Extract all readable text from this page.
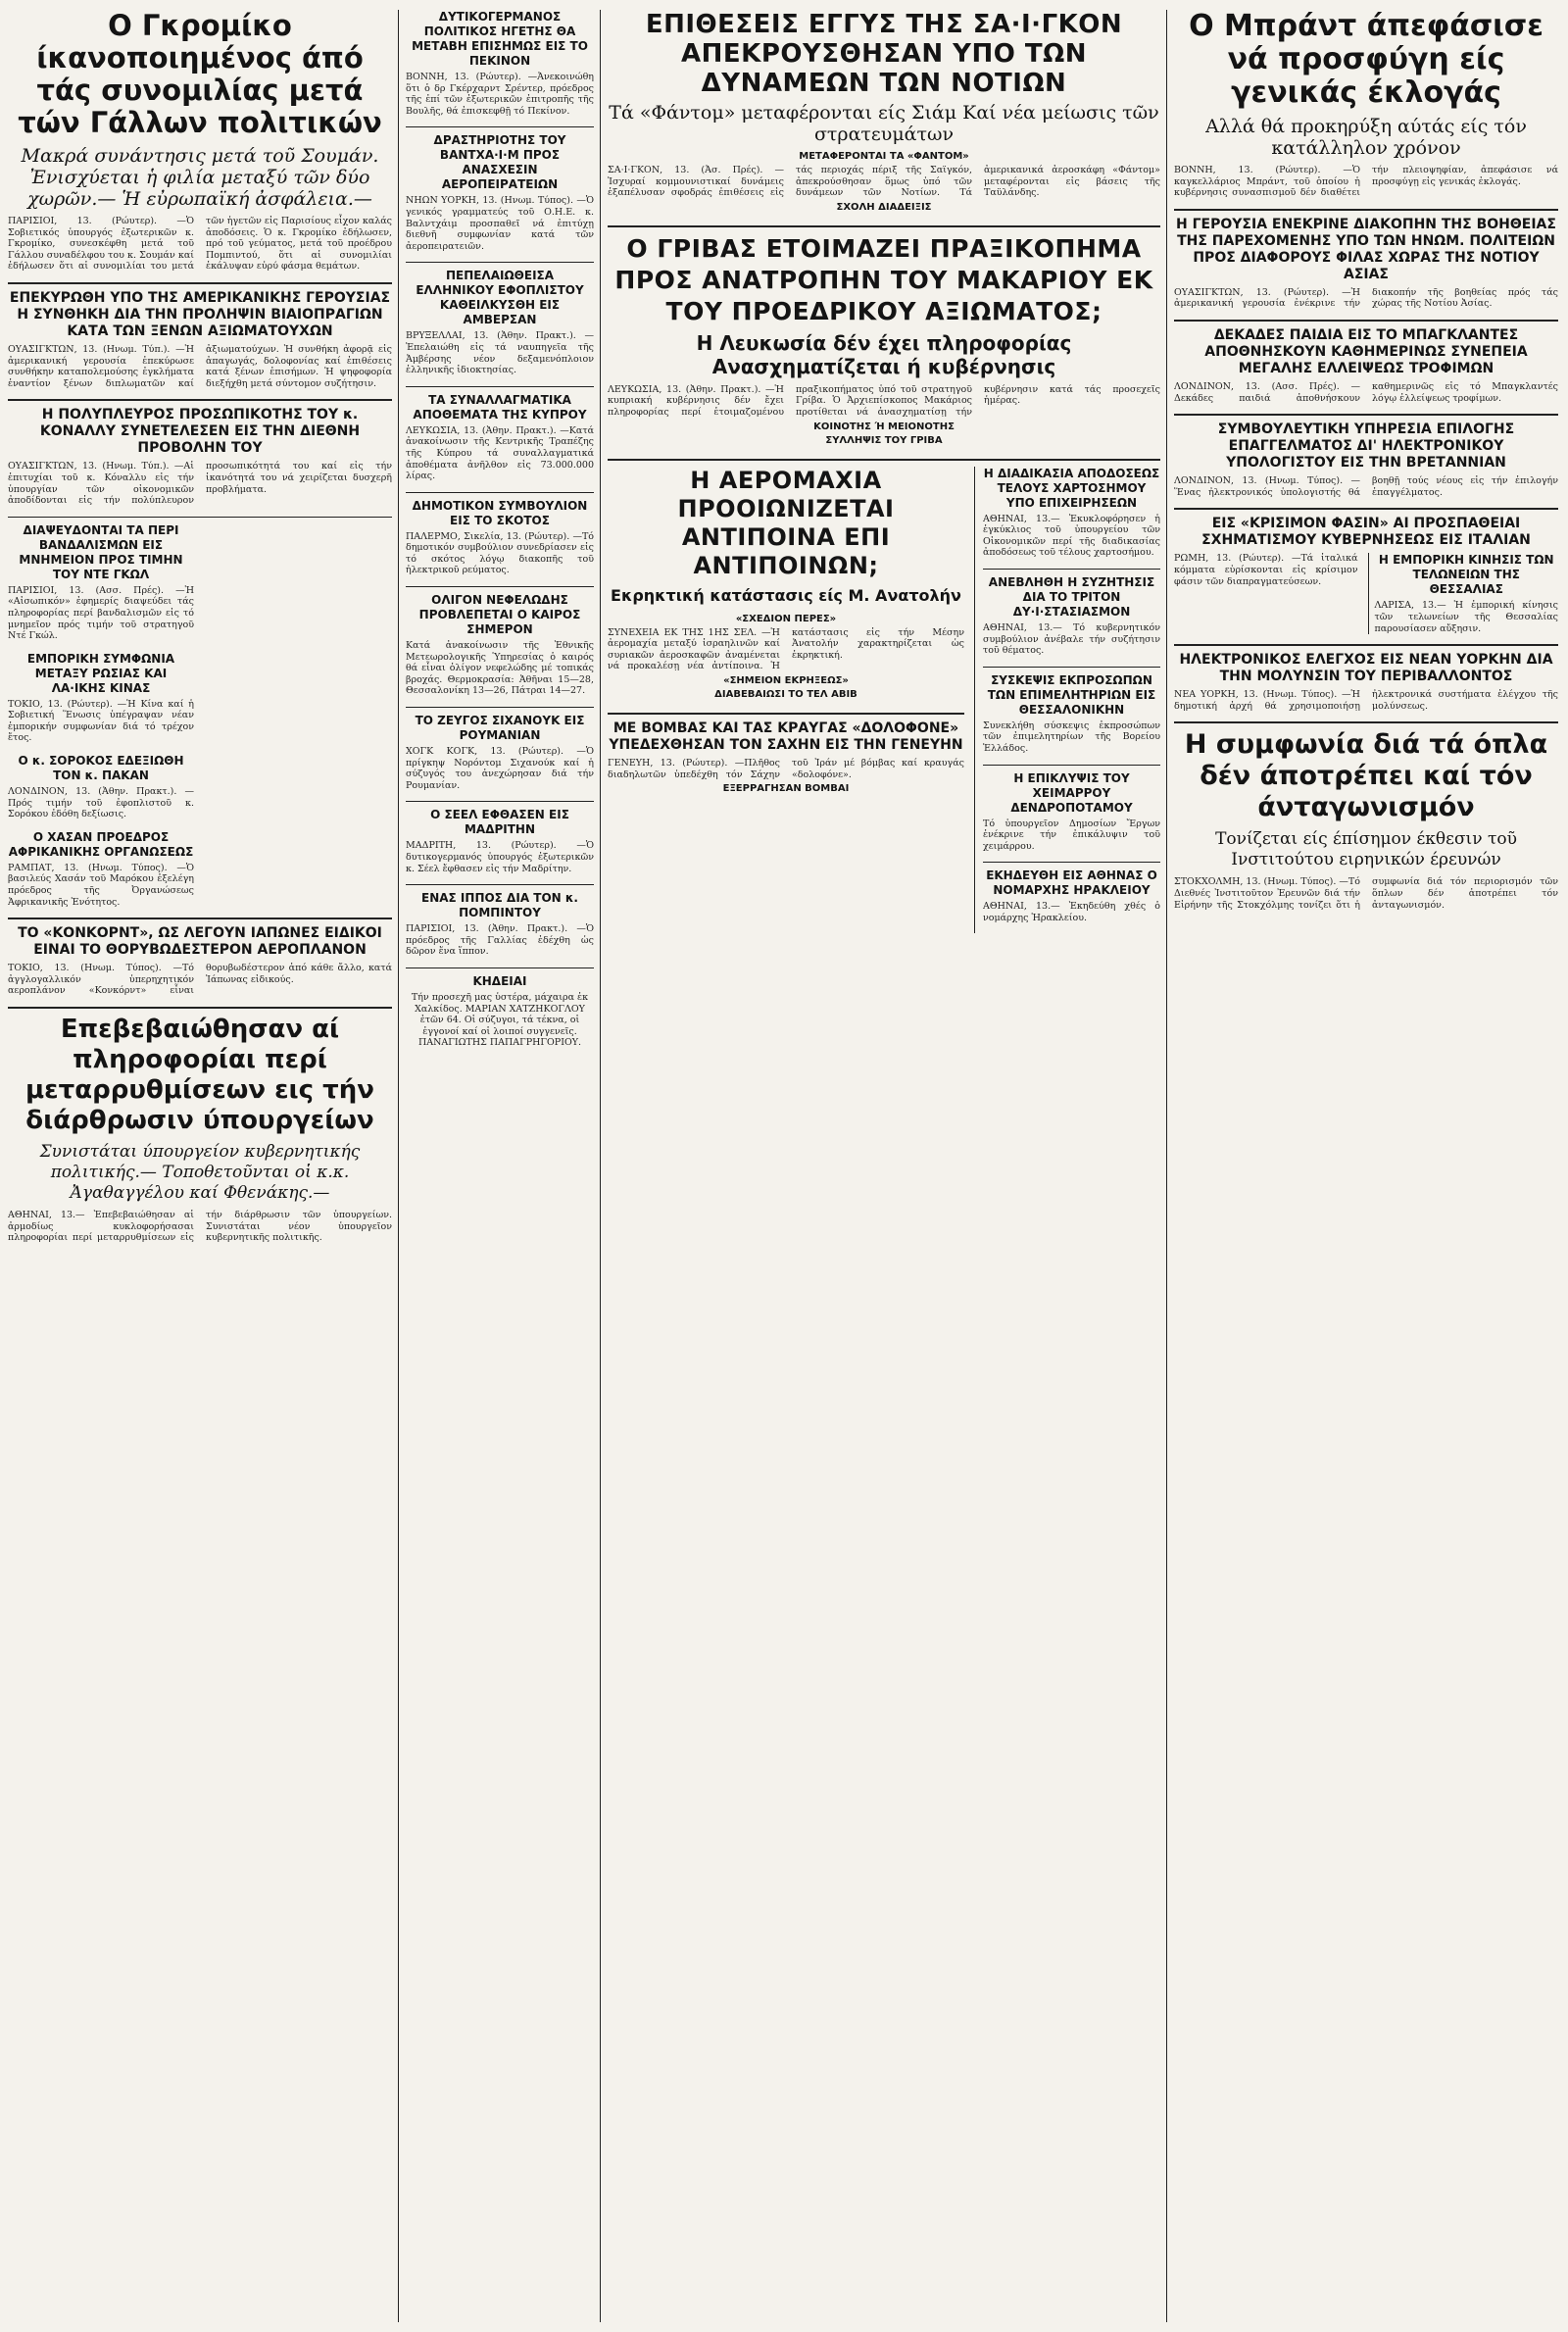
Ο Γκρομίκο ίκανοποιημένος άπό τάς συνομιλίας μετά τών Γάλλων πολιτικών
Μακρά συνάντησις μετά τοῦ Σουμάν. Ἐνισχύεται ἡ φιλία μεταξύ τῶν δύο χωρῶν.— Ἡ εὐρωπαϊκή ἀσφάλεια.—

ΠΑΡΙΣΙΟΙ, 13. (Ρώυτερ). —Ὁ Σοβιετικός ὑπουργός ἐξωτερικῶν κ. Γκρομίκο, συνεσκέφθη μετά τοῦ Γάλλου συναδέλφου του κ. Σουμάν καί ἐδήλωσεν ὅτι αἱ συνομιλίαι του μετά τῶν ἡγετῶν εἰς Παρισίους εἶχον καλάς ἀποδόσεις. Ὁ κ. Γκρομίκο ἐδήλωσεν, πρό τοῦ γεύματος, μετά τοῦ προέδρου Πομπιντού, ὅτι αἱ συνομιλίαι ἐκάλυψαν εὐρύ φάσμα θεμάτων.

ΕΠΕΚΥΡΩΘΗ ΥΠΟ ΤΗΣ ΑΜΕΡΙΚΑΝΙΚΗΣ ΓΕΡΟΥΣΙΑΣ Η ΣΥΝΘΗΚΗ ΔΙΑ ΤΗΝ ΠΡΟΛΗΨΙΝ ΒΙΑΙΟΠΡΑΓΙΩΝ ΚΑΤΑ ΤΩΝ ΞΕΝΩΝ ΑΞΙΩΜΑΤΟΥΧΩΝ

ΟΥΑΣΙΓΚΤΩΝ, 13. (Ηνωμ. Τύπ.). —Ἡ ἀμερικανική γερουσία ἐπεκύρωσε συνθήκην καταπολεμούσης ἐγκλήματα ἐναντίον ξένων διπλωματῶν καί ἀξιωματούχων. Ἡ συνθήκη ἀφορᾷ εἰς ἀπαγωγάς, δολοφονίας καί ἐπιθέσεις κατά ξένων ἐπισήμων. Ἡ ψηφοφορία διεξήχθη μετά σύντομον συζήτησιν.

Η ΠΟΛΥΠΛΕΥΡΟΣ ΠΡΟΣΩΠΙΚΟΤΗΣ ΤΟΥ κ. ΚΟΝΑΛΛΥ ΣΥΝΕΤΕΛΕΣΕΝ ΕΙΣ ΤΗΝ ΔΙΕΘΝΗ ΠΡΟΒΟΛΗΝ ΤΟΥ

ΟΥΑΣΙΓΚΤΩΝ, 13. (Ηνωμ. Τύπ.). —Αἱ ἐπιτυχίαι τοῦ κ. Κόναλλυ εἰς τήν ὑπουργίαν τῶν οἰκονομικῶν ἀποδίδονται εἰς τήν πολύπλευρον προσωπικότητά του καί εἰς τήν ἱκανότητά του νά χειρίζεται δυσχερῆ προβλήματα.

ΔΙΑΨΕΥΔΟΝΤΑΙ ΤΑ ΠΕΡΙ ΒΑΝΔΑΛΙΣΜΩΝ ΕΙΣ ΜΝΗΜΕΙΟΝ ΠΡΟΣ ΤΙΜΗΝ ΤΟΥ ΝΤΕ ΓΚΩΛ

ΠΑΡΙΣΙΟΙ, 13. (Ασσ. Πρές). —Ἡ «Αἰσωπικόν» ἐφημερίς διαψεύδει τάς πληροφορίας περί βανδαλισμῶν εἰς τό μνημεῖον πρός τιμήν τοῦ στρατηγοῦ Ντέ Γκώλ.

ΕΜΠΟΡΙΚΗ ΣΥΜΦΩΝΙΑ ΜΕΤΑΞΥ ΡΩΣΙΑΣ ΚΑΙ ΛΑ·ΙΚΗΣ ΚΙΝΑΣ

ΤΟΚΙΟ, 13. (Ρώυτερ). —Ἡ Κίνα καί ἡ Σοβιετική Ἕνωσις ὑπέγραψαν νέαν ἐμπορικήν συμφωνίαν διά τό τρέχον ἔτος.

Ο κ. ΣΟΡΟΚΟΣ ΕΔΕΞΙΩΘΗ ΤΟΝ κ. ΠΑΚΑΝ

ΛΟΝΔΙΝΟΝ, 13. (Ἀθην. Πρακτ.). —Πρός τιμήν τοῦ ἐφοπλιστοῦ κ. Σορόκου ἐδόθη δεξίωσις.

Ο ΧΑΣΑΝ ΠΡΟΕΔΡΟΣ ΑΦΡΙΚΑΝΙΚΗΣ ΟΡΓΑΝΩΣΕΩΣ

ΡΑΜΠΑΤ, 13. (Ηνωμ. Τύπος). —Ὁ βασιλεύς Χασάν τοῦ Μαρόκου ἐξελέγη πρόεδρος τῆς Ὀργανώσεως Ἀφρικανικῆς Ἑνότητος.

ΤΟ «ΚΟΝΚΟΡΝΤ», ΩΣ ΛΕΓΟΥΝ ΙΑΠΩΝΕΣ ΕΙΔΙΚΟΙ ΕΙΝΑΙ ΤΟ ΘΟΡΥΒΩΔΕΣΤΕΡΟΝ ΑΕΡΟΠΛΑΝΟΝ

ΤΟΚΙΟ, 13. (Ηνωμ. Τύπος). —Τό ἀγγλογαλλικόν ὑπερηχητικόν αεροπλάνον «Κονκόρντ» εἶναι θορυβωδέστερον ἀπό κάθε ἄλλο, κατά Ἰάπωνας εἰδικούς.

Επεβεβαιώθησαν αί πληροφορίαι περί μεταρρυθμίσεων εις τήν διάρθρωσιν ύπουργείων
Συνιστάται ύπουργείον κυβερνητικής πολιτικής.— Τοποθετοῦνται οἱ κ.κ. Ἀγαθαγγέλου καί Φθενάκης.—

ΑΘΗΝΑΙ, 13.— Ἐπεβεβαιώθησαν αἱ ἀρμοδίως κυκλοφορήσασαι πληροφορίαι περί μεταρρυθμίσεων εἰς τήν διάρθρωσιν τῶν ὑπουργείων. Συνιστάται νέον ὑπουργεῖον κυβερνητικῆς πολιτικῆς.

ΔΥΤΙΚΟΓΕΡΜΑΝΟΣ ΠΟΛΙΤΙΚΟΣ ΗΓΕΤΗΣ ΘΑ ΜΕΤΑΒΗ ΕΠΙΣΗΜΩΣ ΕΙΣ ΤΟ ΠΕΚΙΝΟΝ

ΒΟΝΝΗ, 13. (Ρώυτερ). —Ἀνεκοινώθη ὅτι ὁ δρ Γκέρχαρντ Σρέντερ, πρόεδρος τῆς ἐπί τῶν ἐξωτερικῶν ἐπιτροπῆς τῆς Βουλῆς, θά ἐπισκεφθῇ τό Πεκίνον.

ΔΡΑΣΤΗΡΙΟΤΗΣ ΤΟΥ ΒΑΝΤΧΑ·Ι·Μ ΠΡΟΣ ΑΝΑΣΧΕΣΙΝ ΑΕΡΟΠΕΙΡΑΤΕΙΩΝ

ΝΗΩΝ ΥΟΡΚΗ, 13. (Ηνωμ. Τύπος). —Ὁ γενικός γραμματεύς τοῦ Ο.Η.Ε. κ. Βαλντχάιμ προσπαθεῖ νά ἐπιτύχῃ διεθνῆ συμφωνίαν κατά τῶν ἀεροπειρατειῶν.

ΠΕΠΕΛΑΙΩΘΕΙΣΑ ΕΛΛΗΝΙΚΟΥ ΕΦΟΠΛΙΣΤΟΥ ΚΑΘΕΙΛΚΥΣΘΗ ΕΙΣ ΑΜΒΕΡΣΑΝ

ΒΡΥΞΕΛΛΑΙ, 13. (Ἀθην. Πρακτ.). —Ἐπελαιώθη εἰς τά ναυπηγεῖα τῆς Ἀμβέρσης νέον δεξαμενόπλοιον ἑλληνικῆς ἰδιοκτησίας.

ΤΑ ΣΥΝΑΛΛΑΓΜΑΤΙΚΑ ΑΠΟΘΕΜΑΤΑ ΤΗΣ ΚΥΠΡΟΥ

ΛΕΥΚΩΣΙΑ, 13. (Ἀθην. Πρακτ.). —Κατά ἀνακοίνωσιν τῆς Κεντρικῆς Τραπέζης τῆς Κύπρου τά συναλλαγματικά ἀποθέματα ἀνῆλθον εἰς 73.000.000 λίρας.

ΔΗΜΟΤΙΚΟΝ ΣΥΜΒΟΥΛΙΟΝ ΕΙΣ ΤΟ ΣΚΟΤΟΣ

ΠΑΛΕΡΜΟ, Σικελία, 13. (Ρώυτερ). —Τό δημοτικόν συμβούλιον συνεδρίασεν εἰς τό σκότος λόγῳ διακοπῆς τοῦ ἠλεκτρικοῦ ρεύματος.

ΟΛΙΓΟΝ ΝΕΦΕΛΩΔΗΣ ΠΡΟΒΛΕΠΕΤΑΙ Ο ΚΑΙΡΟΣ ΣΗΜΕΡΟΝ

Κατά ἀνακοίνωσιν τῆς Ἐθνικῆς Μετεωρολογικῆς Ὑπηρεσίας ὁ καιρός θά εἶναι ὀλίγον νεφελώδης μέ τοπικάς βροχάς. Θερμοκρασία: Ἀθῆναι 15—28, Θεσσαλονίκη 13—26, Πάτραι 14—27.

ΤΟ ΖΕΥΓΟΣ ΣΙΧΑΝΟΥΚ ΕΙΣ ΡΟΥΜΑΝΙΑΝ

ΧΟΓΚ ΚΟΓΚ, 13. (Ρώυτερ). —Ὁ πρίγκηψ Νορόντομ Σιχανούκ καί ἡ σύζυγός του ἀνεχώρησαν διά τήν Ρουμανίαν.

Ο ΣΕΕΛ ΕΦΘΑΣΕΝ ΕΙΣ ΜΑΔΡΙΤΗΝ

ΜΑΔΡΙΤΗ, 13. (Ρώυτερ). —Ὁ δυτικογερμανός ὑπουργός ἐξωτερικῶν κ. Σέελ ἔφθασεν εἰς τήν Μαδρίτην.

ΕΝΑΣ ΙΠΠΟΣ ΔΙΑ ΤΟΝ κ. ΠΟΜΠΙΝΤΟΥ

ΠΑΡΙΣΙΟΙ, 13. (Ἀθην. Πρακτ.). —Ὁ πρόεδρος τῆς Γαλλίας ἐδέχθη ὡς δῶρον ἕνα ἵππον.

ΚΗΔΕΙΑΙ

Τήν προσεχῆ μας ὑστέρα, μάχαιρα ἐκ Χαλκίδος. ΜΑΡΙΑΝ ΧΑΤΖΗΚΟΓΛΟΥ ἐτῶν 64. Οἱ σύζυγοι, τά τέκνα, οἱ ἐγγονοί καί οἱ λοιποί συγγενεῖς. ΠΑΝΑΓΙΩΤΗΣ ΠΑΠΑΓΡΗΓΟΡΙΟΥ.

ΕΠΙΘΕΣΕΙΣ ΕΓΓΥΣ ΤΗΣ ΣΑ·Ι·ΓΚΟΝ ΑΠΕΚΡΟΥΣΘΗΣΑΝ ΥΠΟ ΤΩΝ ΔΥΝΑΜΕΩΝ ΤΩΝ ΝΟΤΙΩΝ
Τά «Φάντομ» μεταφέρονται είς Σιάμ Καί νέα μείωσις τῶν στρατευμάτων
ΜΕΤΑΦΕΡΟΝΤΑΙ ΤΑ «ΦΑΝΤΟΜ»

ΣΑ·Ι·ΓΚΟΝ, 13. (Ἀσ. Πρές). —Ἰσχυραί κομμουνιστικαί δυνάμεις ἐξαπέλυσαν σφοδράς ἐπιθέσεις εἰς τάς περιοχάς πέριξ τῆς Σαϊγκόν, ἀπεκρούσθησαν ὅμως ὑπό τῶν δυνάμεων τῶν Νοτίων. Τά ἀμερικανικά ἀεροσκάφη «Φάντομ» μεταφέρονται εἰς βάσεις τῆς Ταϋλάνδης.

ΣΧΟΛΗ ΔΙΑΔΕΙΞΙΣ
Ο ΓΡΙΒΑΣ ΕΤΟΙΜΑΖΕΙ ΠΡΑΞΙΚΟΠΗΜΑ ΠΡΟΣ ΑΝΑΤΡΟΠΗΝ ΤΟΥ ΜΑΚΑΡΙΟΥ ΕΚ ΤΟΥ ΠΡΟΕΔΡΙΚΟΥ ΑΞΙΩΜΑΤΟΣ;
Η Λευκωσία δέν έχει πληροφορίας Ανασχηματίζεται ή κυβέρνησις

ΛΕΥΚΩΣΙΑ, 13. (Ἀθην. Πρακτ.). —Ἡ κυπριακή κυβέρνησις δέν ἔχει πληροφορίας περί ἑτοιμαζομένου πραξικοπήματος ὑπό τοῦ στρατηγοῦ Γρίβα. Ὁ Ἀρχιεπίσκοπος Μακάριος προτίθεται νά ἀνασχηματίσῃ τήν κυβέρνησιν κατά τάς προσεχεῖς ἡμέρας.

ΚΟΙΝΟΤΗΣ Ή ΜΕΙΟΝΟΤΗΣ
ΣΥΛΛΗΨΙΣ ΤΟΥ ΓΡΙΒΑ
Η ΑΕΡΟΜΑΧΙΑ ΠΡΟΟΙΩΝΙΖΕΤΑΙ ΑΝΤΙΠΟΙΝΑ ΕΠΙ ΑΝΤΙΠΟΙΝΩΝ;
Εκρηκτική κατάστασις είς Μ. Ανατολήν
«ΣΧΕΔΙΟΝ ΠΕΡΕΣ»

ΣΥΝΕΧΕΙΑ ΕΚ ΤΗΣ 1ΗΣ ΣΕΛ. —Ἡ ἀερομαχία μεταξύ ἰσραηλινῶν καί συριακῶν ἀεροσκαφῶν ἀναμένεται νά προκαλέσῃ νέα ἀντίποινα. Ἡ κατάστασις εἰς τήν Μέσην Ἀνατολήν χαρακτηρίζεται ὡς ἐκρηκτική.

«ΣΗΜΕΙΟΝ ΕΚΡΗΞΕΩΣ»
ΔΙΑΒΕΒΑΙΩΣΙ ΤΟ ΤΕΛ ΑΒΙΒ
ΜΕ ΒΟΜΒΑΣ ΚΑΙ ΤΑΣ ΚΡΑΥΓΑΣ «ΔΟΛΟΦΟΝΕ» ΥΠΕΔΕΧΘΗΣΑΝ ΤΟΝ ΣΑΧΗΝ ΕΙΣ ΤΗΝ ΓΕΝΕΥΗΝ

ΓΕΝΕΥΗ, 13. (Ρώυτερ). —Πλῆθος διαδηλωτῶν ὑπεδέχθη τόν Σάχην τοῦ Ἰράν μέ βόμβας καί κραυγάς «δολοφόνε».

ΕΞΕΡΡΑΓΗΣΑΝ ΒΟΜΒΑΙ
Η ΔΙΑΔΙΚΑΣΙΑ ΑΠΟΔΟΣΕΩΣ ΤΕΛΟΥΣ ΧΑΡΤΟΣΗΜΟΥ ΥΠΟ ΕΠΙΧΕΙΡΗΣΕΩΝ

ΑΘΗΝΑΙ, 13.— Ἐκυκλοφόρησεν ἡ ἐγκύκλιος τοῦ ὑπουργείου τῶν Οἰκονομικῶν περί τῆς διαδικασίας ἀποδόσεως τοῦ τέλους χαρτοσήμου.

ΑΝΕΒΛΗΘΗ Η ΣΥΖΗΤΗΣΙΣ ΔΙΑ ΤΟ ΤΡΙΤΟΝ ΔΥ·Ι·ΣΤΑΣΙΑΣΜΟΝ

ΑΘΗΝΑΙ, 13.— Τό κυβερνητικόν συμβούλιον ἀνέβαλε τήν συζήτησιν τοῦ θέματος.

ΣΥΣΚΕΨΙΣ ΕΚΠΡΟΣΩΠΩΝ ΤΩΝ ΕΠΙΜΕΛΗΤΗΡΙΩΝ ΕΙΣ ΘΕΣΣΑΛΟΝΙΚΗΝ

Συνεκλήθη σύσκεψις ἐκπροσώπων τῶν ἐπιμελητηρίων τῆς Βορείου Ἑλλάδος.

Η ΕΠΙΚΛΥΨΙΣ ΤΟΥ ΧΕΙΜΑΡΡΟΥ ΔΕΝΔΡΟΠΟΤΑΜΟΥ

Τό ὑπουργεῖον Δημοσίων Ἔργων ἐνέκρινε τήν ἐπικάλυψιν τοῦ χειμάρρου.

ΕΚΗΔΕΥΘΗ ΕΙΣ ΑΘΗΝΑΣ Ο ΝΟΜΑΡΧΗΣ ΗΡΑΚΛΕΙΟΥ

ΑΘΗΝΑΙ, 13.— Ἐκηδεύθη χθές ὁ νομάρχης Ἡρακλείου.

Ο Μπράντ άπεφάσισε νά προσφύγη είς γενικάς έκλογάς
Αλλά θά προκηρύξη αύτάς είς τόν κατάλληλον χρόνον

ΒΟΝΝΗ, 13. (Ρώυτερ). —Ὁ καγκελλάριος Μπράντ, τοῦ ὁποίου ἡ κυβέρνησις συνασπισμοῦ δέν διαθέτει τήν πλειοψηφίαν, ἀπεφάσισε νά προσφύγῃ εἰς γενικάς ἐκλογάς.

Η ΓΕΡΟΥΣΙΑ ΕΝΕΚΡΙΝΕ ΔΙΑΚΟΠΗΝ ΤΗΣ ΒΟΗΘΕΙΑΣ ΤΗΣ ΠΑΡΕΧΟΜΕΝΗΣ ΥΠΟ ΤΩΝ ΗΝΩΜ. ΠΟΛΙΤΕΙΩΝ ΠΡΟΣ ΔΙΑΦΟΡΟΥΣ ΦΙΛΑΣ ΧΩΡΑΣ ΤΗΣ ΝΟΤΙΟΥ ΑΣΙΑΣ

ΟΥΑΣΙΓΚΤΩΝ, 13. (Ρώυτερ). —Ἡ ἀμερικανική γερουσία ἐνέκρινε τήν διακοπήν τῆς βοηθείας πρός τάς χώρας τῆς Νοτίου Ἀσίας.

ΔΕΚΑΔΕΣ ΠΑΙΔΙΑ ΕΙΣ ΤΟ ΜΠΑΓΚΛΑΝΤΕΣ ΑΠΟΘΝΗΣΚΟΥΝ ΚΑΘΗΜΕΡΙΝΩΣ ΣΥΝΕΠΕΙΑ ΜΕΓΑΛΗΣ ΕΛΛΕΙΨΕΩΣ ΤΡΟΦΙΜΩΝ

ΛΟΝΔΙΝΟΝ, 13. (Ασσ. Πρές). —Δεκάδες παιδιά ἀποθνήσκουν καθημερινῶς εἰς τό Μπαγκλαντές λόγῳ ἐλλείψεως τροφίμων.

ΣΥΜΒΟΥΛΕΥΤΙΚΗ ΥΠΗΡΕΣΙΑ ΕΠΙΛΟΓΗΣ ΕΠΑΓΓΕΛΜΑΤΟΣ ΔΙ' ΗΛΕΚΤΡΟΝΙΚΟΥ ΥΠΟΛΟΓΙΣΤΟΥ ΕΙΣ ΤΗΝ ΒΡΕΤΑΝΝΙΑΝ

ΛΟΝΔΙΝΟΝ, 13. (Ηνωμ. Τύπος). —Ἕνας ἠλεκτρονικός ὑπολογιστής θά βοηθῇ τούς νέους εἰς τήν ἐπιλογήν ἐπαγγέλματος.

ΕΙΣ «ΚΡΙΣΙΜΟΝ ΦΑΣΙΝ» ΑΙ ΠΡΟΣΠΑΘΕΙΑΙ ΣΧΗΜΑΤΙΣΜΟΥ ΚΥΒΕΡΝΗΣΕΩΣ ΕΙΣ ΙΤΑΛΙΑΝ

ΡΩΜΗ, 13. (Ρώυτερ). —Τά ἰταλικά κόμματα εὑρίσκονται εἰς κρίσιμον φάσιν τῶν διαπραγματεύσεων.

Η ΕΜΠΟΡΙΚΗ ΚΙΝΗΣΙΣ ΤΩΝ ΤΕΛΩΝΕΙΩΝ ΤΗΣ ΘΕΣΣΑΛΙΑΣ

ΛΑΡΙΣΑ, 13.— Ἡ ἐμπορική κίνησις τῶν τελωνείων τῆς Θεσσαλίας παρουσίασεν αὔξησιν.

ΗΛΕΚΤΡΟΝΙΚΟΣ ΕΛΕΓΧΟΣ ΕΙΣ ΝΕΑΝ ΥΟΡΚΗΝ ΔΙΑ ΤΗΝ ΜΟΛΥΝΣΙΝ ΤΟΥ ΠΕΡΙΒΑΛΛΟΝΤΟΣ

ΝΕΑ ΥΟΡΚΗ, 13. (Ηνωμ. Τύπος). —Ἡ δημοτική ἀρχή θά χρησιμοποιήσῃ ἠλεκτρονικά συστήματα ἐλέγχου τῆς μολύνσεως.

Η συμφωνία διά τά όπλα δέν άποτρέπει καί τόν άνταγωνισμόν
Τονίζεται είς έπίσημον έκθεσιν τοῦ Ινστιτούτου ειρηνικών έρευνών

ΣΤΟΚΧΟΛΜΗ, 13. (Ηνωμ. Τύπος). —Τό Διεθνές Ἰνστιτοῦτον Ἐρευνῶν διά τήν Εἰρήνην τῆς Στοκχόλμης τονίζει ὅτι ἡ συμφωνία διά τόν περιορισμόν τῶν ὅπλων δέν ἀποτρέπει τόν ἀνταγωνισμόν.
